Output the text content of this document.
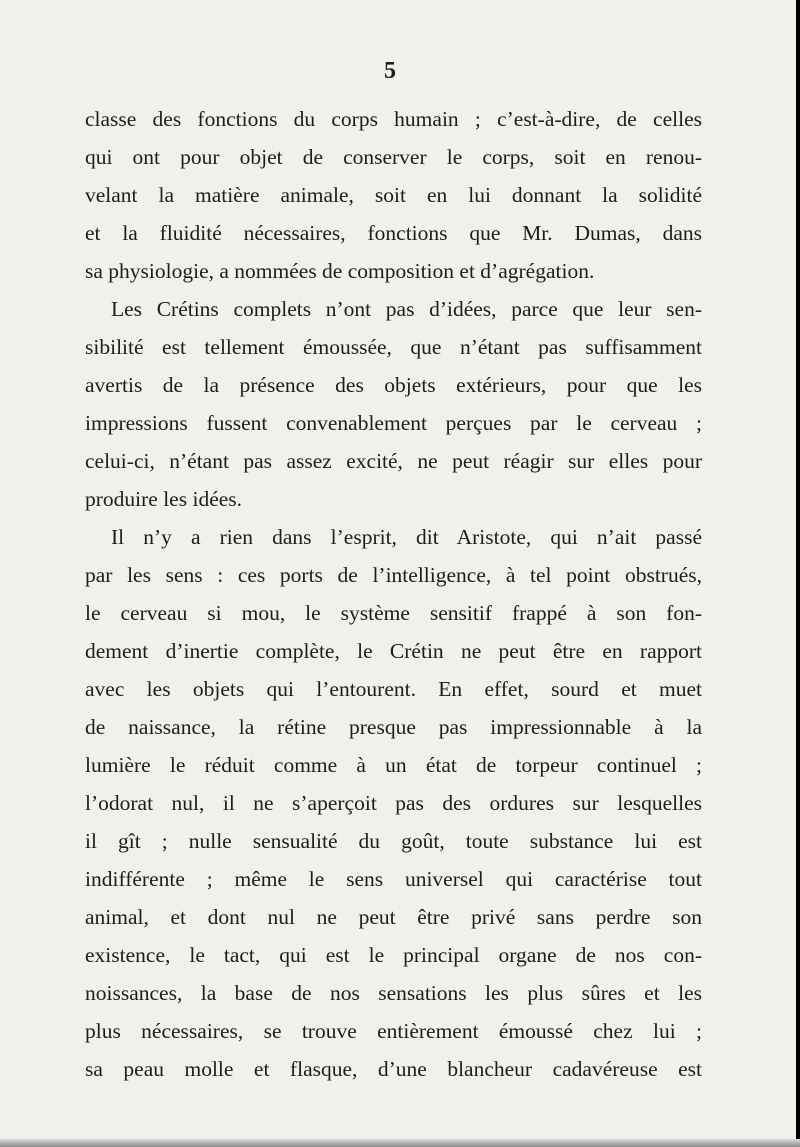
5
classe des fonctions du corps humain ; c’est-à-dire, de celles
qui ont pour objet de conserver le corps, soit en renou-
velant la matière animale, soit en lui donnant la solidité
et la fluidité nécessaires, fonctions que Mr. Dumas, dans
sa physiologie, a nommées de composition et d’agrégation.
Les Crétins complets n’ont pas d’idées, parce que leur sen-
sibilité est tellement émoussée, que n’étant pas suffisamment
avertis de la présence des objets extérieurs, pour que les
impressions fussent convenablement perçues par le cerveau ;
celui-ci, n’étant pas assez excité, ne peut réagir sur elles pour
produire les idées.
Il n’y a rien dans l’esprit, dit Aristote, qui n’ait passé
par les sens : ces ports de l’intelligence, à tel point obstrués,
le cerveau si mou, le système sensitif frappé à son fon-
dement d’inertie complète, le Crétin ne peut être en rapport
avec les objets qui l’entourent. En effet, sourd et muet
de naissance, la rétine presque pas impressionnable à la
lumière le réduit comme à un état de torpeur continuel ;
l’odorat nul, il ne s’aperçoit pas des ordures sur lesquelles
il gît ; nulle sensualité du goût, toute substance lui est
indifférente ; même le sens universel qui caractérise tout
animal, et dont nul ne peut être privé sans perdre son
existence, le tact, qui est le principal organe de nos con-
noissances, la base de nos sensations les plus sûres et les
plus nécessaires, se trouve entièrement émoussé chez lui ;
sa peau molle et flasque, d’une blancheur cadavéreuse est
